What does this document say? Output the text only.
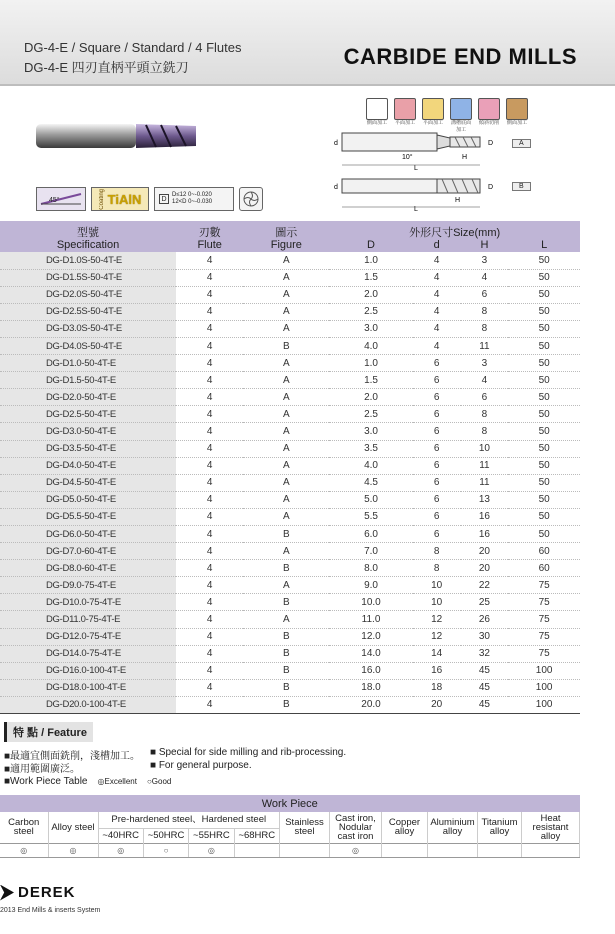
DG-4-E / Square / Standard / 4 Flutes
DG-4-E 四刃直柄平頭立銑刀	CARBIDE END MILLS
側面加工 平面加工 平面加工 溝槽底面加工
傾斜切削 側面加工
45°	Coating TiAlN	D
D≤12 0~-0.020
12<D 0~-0.030
d	D
H
L
10°
d	D
H
L
A
B
型號	刃數	圖示	外形尺寸Size(mm)			
Specification	Flute	Figure	D	d	H	L
DG-D1.0S-50-4T-E	4	A	1.0	4	3	50
DG-D1.5S-50-4T-E	4	A	1.5	4	4	50
DG-D2.0S-50-4T-E	4	A	2.0	4	6	50
DG-D2.5S-50-4T-E	4	A	2.5	4	8	50
DG-D3.0S-50-4T-E	4	A	3.0	4	8	50
DG-D4.0S-50-4T-E	4	B	4.0	4	11	50
DG-D1.0-50-4T-E	4	A	1.0	6	3	50
DG-D1.5-50-4T-E	4	A	1.5	6	4	50
DG-D2.0-50-4T-E	4	A	2.0	6	6	50
DG-D2.5-50-4T-E	4	A	2.5	6	8	50
DG-D3.0-50-4T-E	4	A	3.0	6	8	50
DG-D3.5-50-4T-E	4	A	3.5	6	10	50
DG-D4.0-50-4T-E	4	A	4.0	6	11	50
DG-D4.5-50-4T-E	4	A	4.5	6	11	50
DG-D5.0-50-4T-E	4	A	5.0	6	13	50
DG-D5.5-50-4T-E	4	A	5.5	6	16	50
DG-D6.0-50-4T-E	4	B	6.0	6	16	50
DG-D7.0-60-4T-E	4	A	7.0	8	20	60
DG-D8.0-60-4T-E	4	B	8.0	8	20	60
DG-D9.0-75-4T-E	4	A	9.0	10	22	75
DG-D10.0-75-4T-E	4	B	10.0	10	25	75
DG-D11.0-75-4T-E	4	A	11.0	12	26	75
DG-D12.0-75-4T-E	4	B	12.0	12	30	75
DG-D14.0-75-4T-E	4	B	14.0	14	32	75
DG-D16.0-100-4T-E	4	B	16.0	16	45	100
DG-D18.0-100-4T-E	4	B	18.0	18	45	100
DG-D20.0-100-4T-E	4	B	20.0	20	45	100
特 點 / Feature
■最適宜側面銑削，淺槽加工。
■適用範圍廣泛。
■ Special for side milling and rib-processing.
■ For general purpose.
■Work Piece Table ◎Excellent ○Good
Work Piece											
Carbon steel	Alloy steel	Pre-hardened steel、Hardened steel				Stainless steel	Cast iron, Nodular cast iron	Copper alloy	Aluminium alloy	Titanium alloy	Heat resistant alloy
		~40HRC	~50HRC	~55HRC	~68HRC						
◎	◎	◎	○	◎			◎				
DEREK
2013 End Mills & inserts System
